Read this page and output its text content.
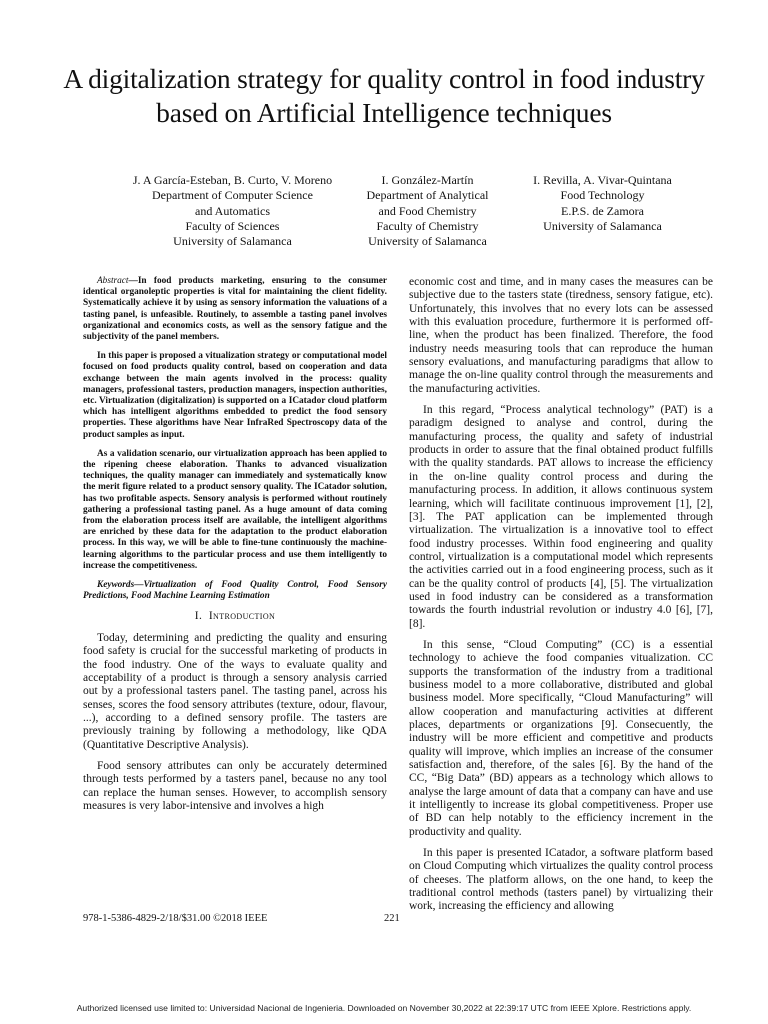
A digitalization strategy for quality control in food industry based on Artificial Intelligence techniques
J. A García-Esteban, B. Curto, V. Moreno
Department of Computer Science
and Automatics
Faculty of Sciences
University of Salamanca
I. González-Martín
Department of Analytical
and Food Chemistry
Faculty of Chemistry
University of Salamanca
I. Revilla, A. Vivar-Quintana
Food Technology
E.P.S. de Zamora
University of Salamanca

Abstract—In food products marketing, ensuring to the consumer identical organoleptic properties is vital for maintaining the client fidelity. Systematically achieve it by using as sensory information the valuations of a tasting panel, is unfeasible. Routinely, to assemble a tasting panel involves organizational and economics costs, as well as the sensory fatigue and the subjectivity of the panel members.

In this paper is proposed a vitualization strategy or computational model focused on food products quality control, based on cooperation and data exchange between the main agents involved in the process: quality managers, professional tasters, production managers, inspection authorities, etc. Virtualization (digitalization) is supported on a ICatador cloud platform which has intelligent algorithms embedded to predict the food sensory properties. These algorithms have Near InfraRed Spectroscopy data of the product samples as input.

As a validation scenario, our virtualization approach has been applied to the ripening cheese elaboration. Thanks to advanced visualization techniques, the quality manager can immediately and systematically know the merit figure related to a product sensory quality. The ICatador solution, has two profitable aspects. Sensory analysis is performed without routinely gathering a professional tasting panel. As a huge amount of data coming from the elaboration process itself are available, the intelligent algorithms are enriched by these data for the adaptation to the product elaboration process. In this way, we will be able to fine-tune continuously the machine-learning algorithms to the particular process and use them intelligently to increase the competitiveness.

Keywords—Virtualization of Food Quality Control, Food Sensory Predictions, Food Machine Learning Estimation

I. Introduction

Today, determining and predicting the quality and ensuring food safety is crucial for the successful marketing of products in the food industry. One of the ways to evaluate quality and acceptability of a product is through a sensory analysis carried out by a professional tasters panel. The tasting panel, across his senses, scores the food sensory attributes (texture, odour, flavour, ...), according to a defined sensory profile. The tasters are previously training by following a methodology, like QDA (Quantitative Descriptive Analysis).

Food sensory attributes can only be accurately determined through tests performed by a tasters panel, because no any tool can replace the human senses. However, to accomplish sensory measures is very labor-intensive and involves a high

economic cost and time, and in many cases the measures can be subjective due to the tasters state (tiredness, sensory fatigue, etc). Unfortunately, this involves that no every lots can be assessed with this evaluation procedure, furthermore it is performed off-line, when the product has been finalized. Therefore, the food industry needs measuring tools that can reproduce the human sensory evaluations, and manufacturing paradigms that allow to manage the on-line quality control through the measurements and the manufacturing activities.

In this regard, “Process analytical technology” (PAT) is a paradigm designed to analyse and control, during the manufacturing process, the quality and safety of industrial products in order to assure that the final obtained product fulfills with the quality standards. PAT allows to increase the efficiency in the on-line quality control process and during the manufacturing process. In addition, it allows continuous system learning, which will facilitate continuous improvement [1], [2], [3]. The PAT application can be implemented through virtualization. The virtualization is a innovative tool to effect food industry processes. Within food engineering and quality control, virtualization is a computational model which represents the activities carried out in a food engineering process, such as it can be the quality control of products [4], [5]. The virtualization used in food industry can be considered as a transformation towards the fourth industrial revolution or industry 4.0 [6], [7], [8].

In this sense, “Cloud Computing” (CC) is a essential technology to achieve the food companies vitualization. CC supports the transformation of the industry from a traditional business model to a more collaborative, distributed and global business model. More specifically, “Cloud Manufacturing” will allow cooperation and manufacturing activities at different places, departments or organizations [9]. Consecuently, the industry will be more efficient and competitive and products quality will improve, which implies an increase of the consumer satisfaction and, therefore, of the sales [6]. By the hand of the CC, “Big Data” (BD) appears as a technology which allows to analyse the large amount of data that a company can have and use it intelligently to increase its global competitiveness. Proper use of BD can help notably to the efficiency increment in the productivity and quality.

In this paper is presented ICatador, a software platform based on Cloud Computing which virtualizes the quality control process of cheeses. The platform allows, on the one hand, to keep the traditional control methods (tasters panel) by virtualizing their work, increasing the efficiency and allowing

978-1-5386-4829-2/18/$31.00 ©2018 IEEE	221
Authorized licensed use limited to: Universidad Nacional de Ingenieria. Downloaded on November 30,2022 at 22:39:17 UTC from IEEE Xplore. Restrictions apply.
